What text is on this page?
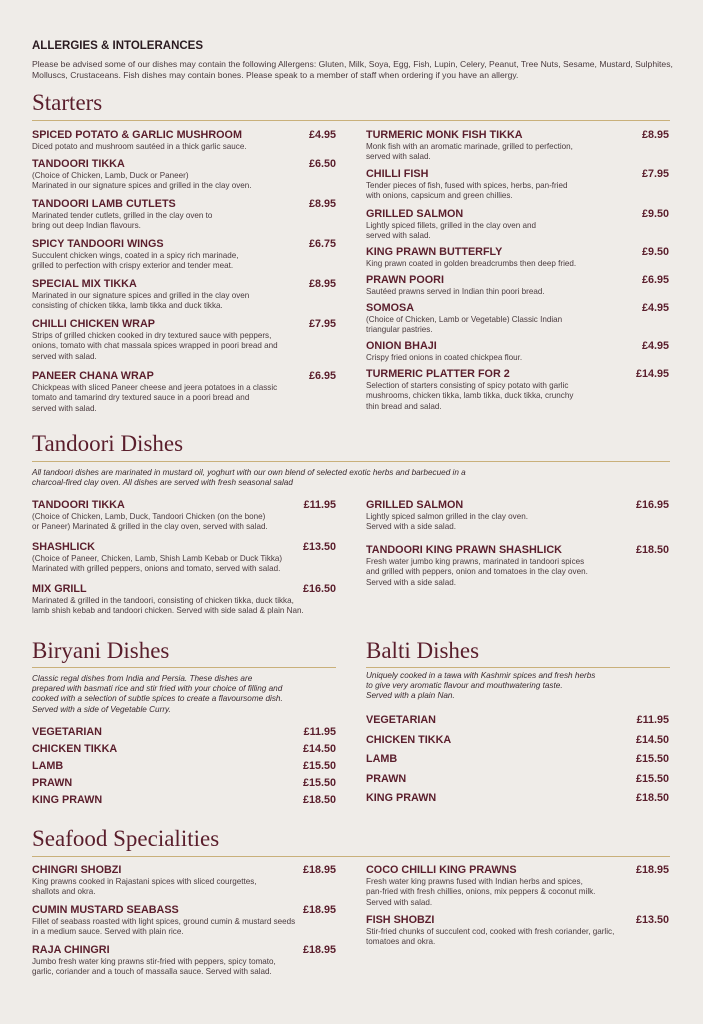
ALLERGIES & INTOLERANCES
Please be advised some of our dishes may contain the following Allergens: Gluten, Milk, Soya, Egg, Fish, Lupin, Celery, Peanut, Tree Nuts, Sesame, Mustard, Sulphites, Molluscs, Crustaceans. Fish dishes may contain bones. Please speak to a member of staff when ordering if you have an allergy.
Starters
SPICED POTATO & GARLIC MUSHROOM
Diced potato and mushroom sautéed in a thick garlic sauce.
£4.95
TANDOORI TIKKA
(Choice of Chicken, Lamb, Duck or Paneer)
Marinated in our signature spices and grilled in the clay oven.
£6.50
TANDOORI LAMB CUTLETS
Marinated tender cutlets, grilled in the clay oven to
bring out deep Indian flavours.
£8.95
SPICY TANDOORI WINGS
Succulent chicken wings, coated in a spicy rich marinade,
grilled to perfection with crispy exterior and tender meat.
£6.75
SPECIAL MIX TIKKA
Marinated in our signature spices and grilled in the clay oven
consisting of chicken tikka, lamb tikka and duck tikka.
£8.95
CHILLI CHICKEN WRAP
Strips of grilled chicken cooked in dry textured sauce with peppers,
onions, tomato with chat massala spices wrapped in poori bread and
served with salad.
£7.95
PANEER CHANA WRAP
Chickpeas with sliced Paneer cheese and jeera potatoes in a classic
tomato and tamarind dry textured sauce in a poori bread and
served with salad.
£6.95
TURMERIC MONK FISH TIKKA
Monk fish with an aromatic marinade, grilled to perfection,
served with salad.
£8.95
CHILLI FISH
Tender pieces of fish, fused with spices, herbs, pan-fried
with onions, capsicum and green chillies.
£7.95
GRILLED SALMON
Lightly spiced fillets, grilled in the clay oven and
served with salad.
£9.50
KING PRAWN BUTTERFLY
King prawn coated in golden breadcrumbs then deep fried.
£9.50
PRAWN POORI
Sautéed prawns served in Indian thin poori bread.
£6.95
SOMOSA
(Choice of Chicken, Lamb or Vegetable) Classic Indian
triangular pastries.
£4.95
ONION BHAJI
Crispy fried onions in coated chickpea flour.
£4.95
TURMERIC PLATTER FOR 2
Selection of starters consisting of spicy potato with garlic
mushrooms, chicken tikka, lamb tikka, duck tikka, crunchy
thin bread and salad.
£14.95
Tandoori Dishes
All tandoori dishes are marinated in mustard oil, yoghurt with our own blend of selected exotic herbs and barbecued in a
charcoal-fired clay oven. All dishes are served with fresh seasonal salad
TANDOORI TIKKA
(Choice of Chicken, Lamb, Duck, Tandoori Chicken (on the bone)
or Paneer) Marinated & grilled in the clay oven, served with salad.
£11.95
SHASHLICK
(Choice of Paneer, Chicken, Lamb, Shish Lamb Kebab or Duck Tikka)
Marinated with grilled peppers, onions and tomato, served with salad.
£13.50
MIX GRILL
Marinated & grilled in the tandoori, consisting of chicken tikka, duck tikka,
lamb shish kebab and tandoori chicken. Served with side salad & plain Nan.
£16.50
GRILLED SALMON
Lightly spiced salmon grilled in the clay oven.
Served with a side salad.
£16.95
TANDOORI KING PRAWN SHASHLICK
Fresh water jumbo king prawns, marinated in tandoori spices
and grilled with peppers, onion and tomatoes in the clay oven.
Served with a side salad.
£18.50
Biryani Dishes
Classic regal dishes from India and Persia. These dishes are
prepared with basmati rice and stir fried with your choice of filling and
cooked with a selection of subtle spices to create a flavoursome dish.
Served with a side of Vegetable Curry.
VEGETARIAN	£11.95
CHICKEN TIKKA	£14.50
LAMB	£15.50
PRAWN	£15.50
KING PRAWN	£18.50
Balti Dishes
Uniquely cooked in a tawa with Kashmir spices and fresh herbs
to give very aromatic flavour and mouthwatering taste.
Served with a plain Nan.
VEGETARIAN	£11.95
CHICKEN TIKKA	£14.50
LAMB	£15.50
PRAWN	£15.50
KING PRAWN	£18.50
Seafood Specialities
CHINGRI SHOBZI
King prawns cooked in Rajastani spices with sliced courgettes,
shallots and okra.
£18.95
CUMIN MUSTARD SEABASS
Fillet of seabass roasted with light spices, ground cumin & mustard seeds
in a medium sauce. Served with plain rice.
£18.95
RAJA CHINGRI
Jumbo fresh water king prawns stir-fried with peppers, spicy tomato,
garlic, coriander and a touch of massalla sauce. Served with salad.
£18.95
COCO CHILLI KING PRAWNS
Fresh water king prawns fused with Indian herbs and spices,
pan-fried with fresh chillies, onions, mix peppers & coconut milk.
Served with salad.
£18.95
FISH SHOBZI
Stir-fried chunks of succulent cod, cooked with fresh coriander, garlic,
tomatoes and okra.
£13.50
